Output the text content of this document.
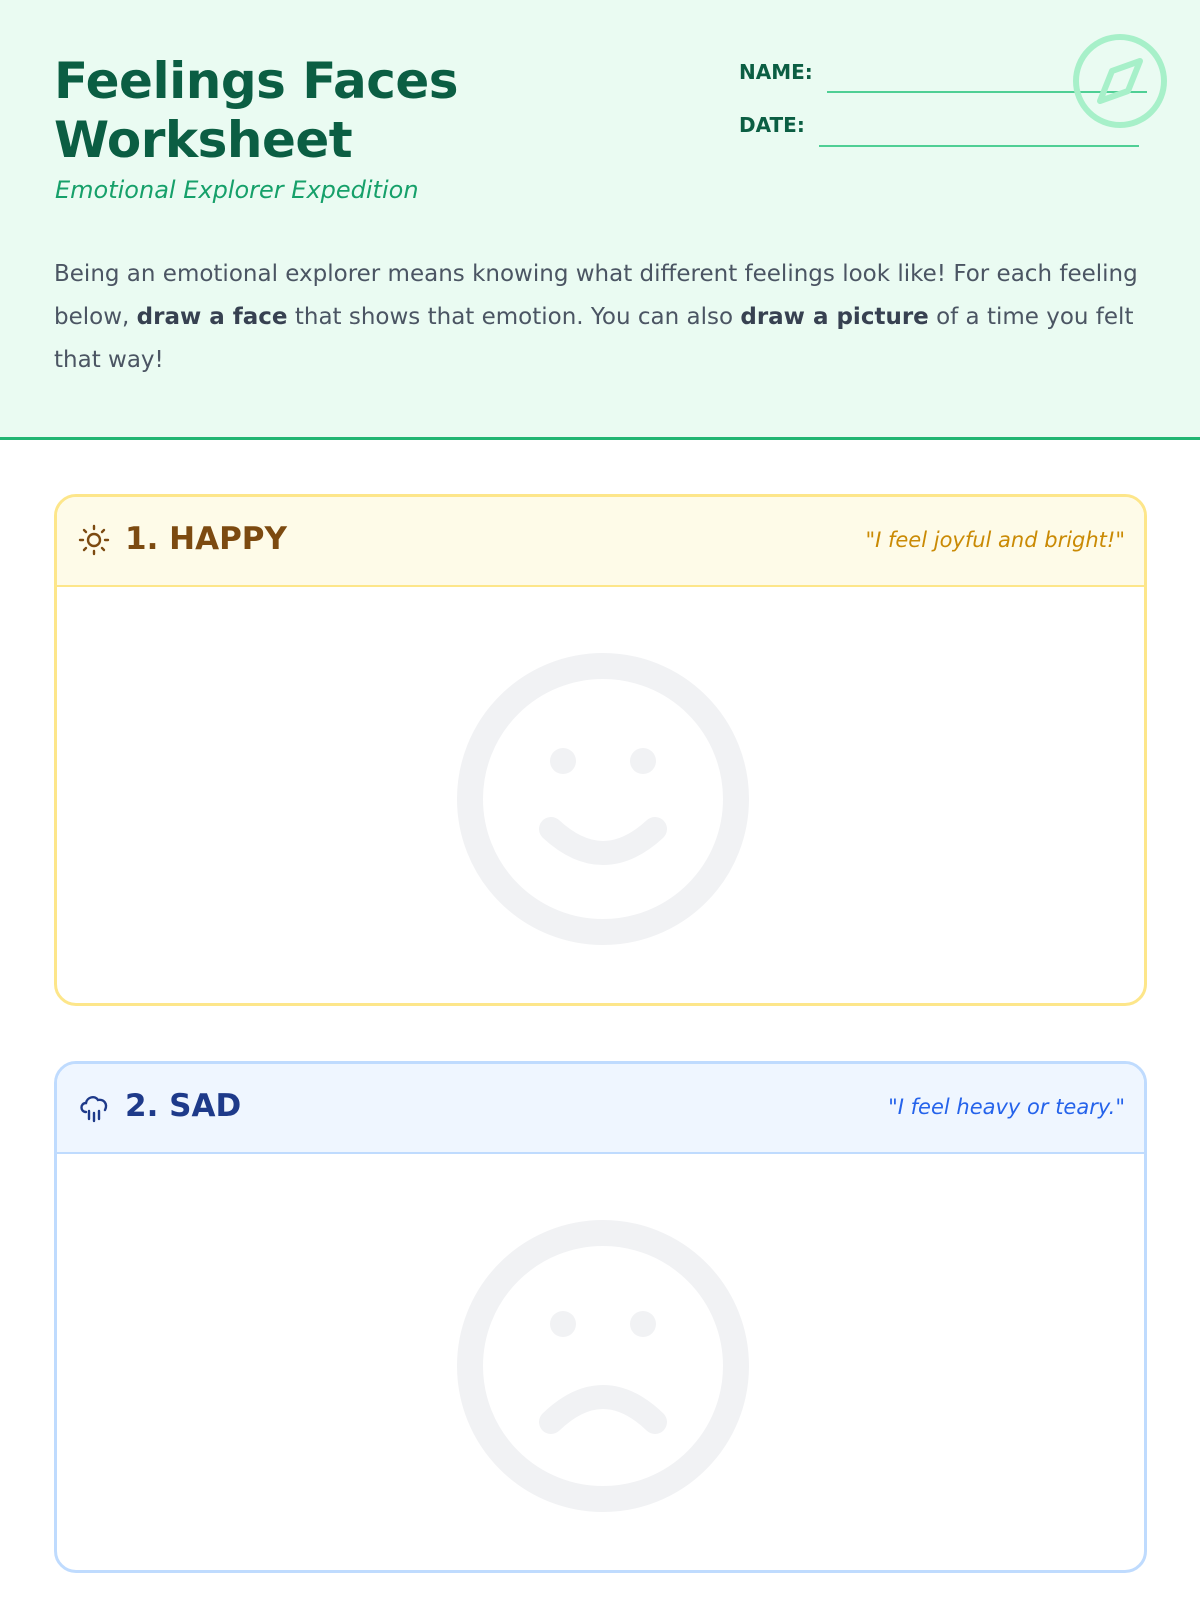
Feelings Faces Worksheet
Emotional Explorer Expedition
NAME:
DATE:

Being an emotional explorer means knowing what different feelings look like! For each feeling below, draw a face that shows that emotion. You can also draw a picture of a time you felt that way!

1. HAPPY	"I feel joyful and bright!"
2. SAD	"I feel heavy or teary."
